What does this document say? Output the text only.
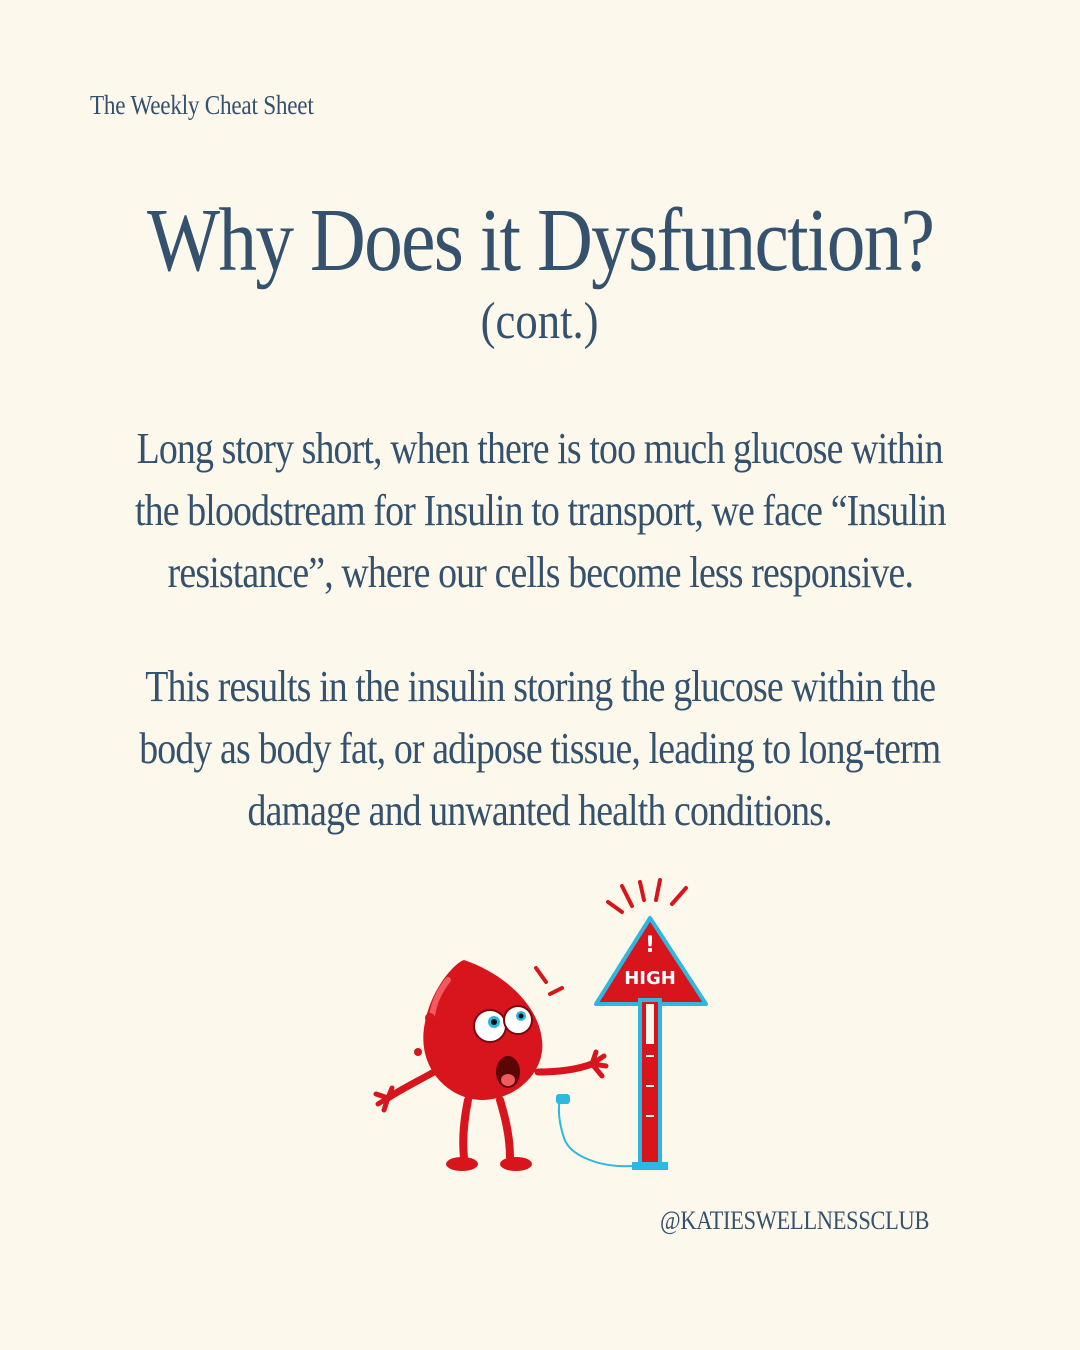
The Weekly Cheat Sheet
Why Does it Dysfunction?
(cont.)
Long story short, when there is too much glucose within
the bloodstream for Insulin to transport, we face “Insulin
resistance”, where our cells become less responsive.
This results in the insulin storing the glucose within the
body as body fat, or adipose tissue, leading to long-term
damage and unwanted health conditions.
!
HIGH
@KATIESWELLNESSCLUB
